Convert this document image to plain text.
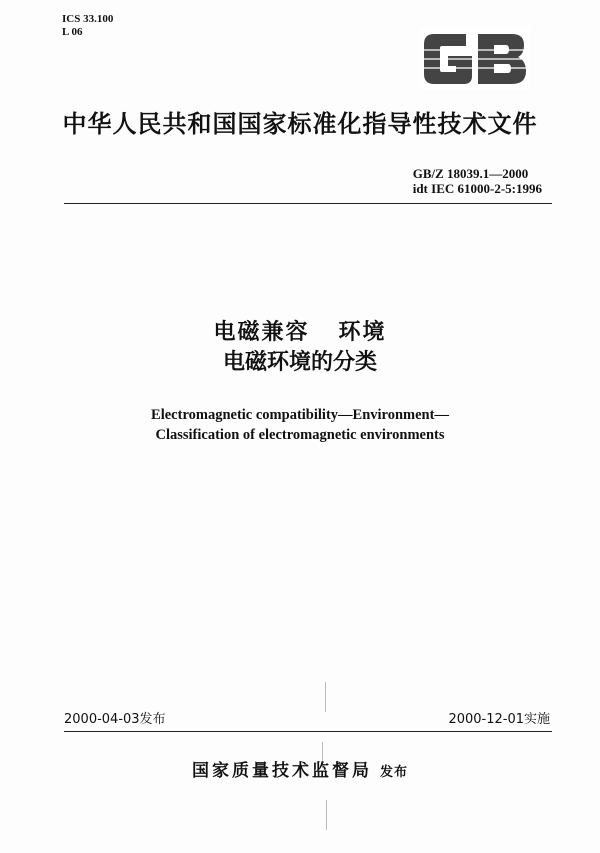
ICS 33.100
L 06
中华人民共和国国家标准化指导性技术文件
GB/Z 18039.1—2000
idt IEC 61000-2-5:1996
电磁兼容   环境
电磁环境的分类
Electromagnetic compatibility—Environment—
Classification of electromagnetic environments
2000-04-03发布	2000-12-01实施
国家质量技术监督局 发布
